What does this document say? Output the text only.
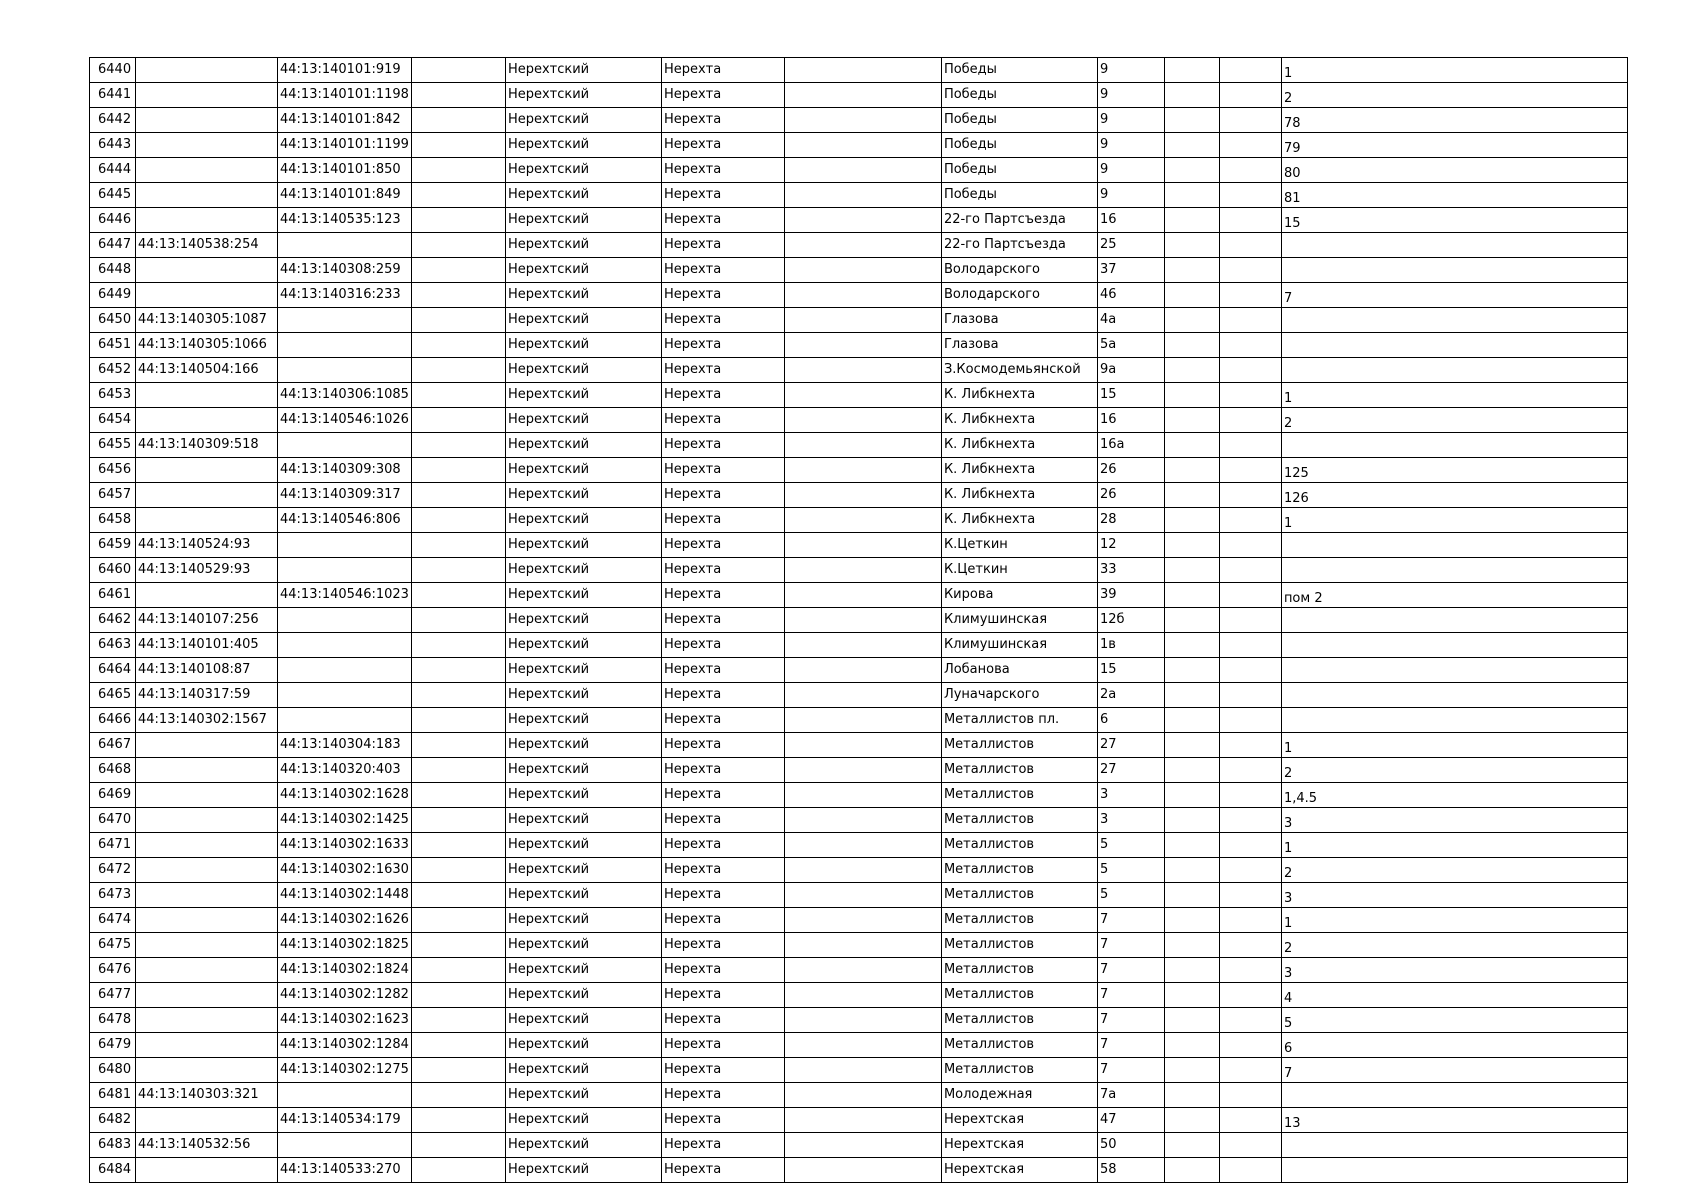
6440		44:13:140101:919		Нерехтский	Нерехта		Победы	9			1
6441		44:13:140101:1198		Нерехтский	Нерехта		Победы	9			2
6442		44:13:140101:842		Нерехтский	Нерехта		Победы	9			78
6443		44:13:140101:1199		Нерехтский	Нерехта		Победы	9			79
6444		44:13:140101:850		Нерехтский	Нерехта		Победы	9			80
6445		44:13:140101:849		Нерехтский	Нерехта		Победы	9			81
6446		44:13:140535:123		Нерехтский	Нерехта		22-го Партсъезда	16			15
6447	44:13:140538:254			Нерехтский	Нерехта		22-го Партсъезда	25			
6448		44:13:140308:259		Нерехтский	Нерехта		Володарского	37			
6449		44:13:140316:233		Нерехтский	Нерехта		Володарского	46			7
6450	44:13:140305:1087			Нерехтский	Нерехта		Глазова	4а			
6451	44:13:140305:1066			Нерехтский	Нерехта		Глазова	5а			
6452	44:13:140504:166			Нерехтский	Нерехта		З.Космодемьянской	9а			
6453		44:13:140306:1085		Нерехтский	Нерехта		К. Либкнехта	15			1
6454		44:13:140546:1026		Нерехтский	Нерехта		К. Либкнехта	16			2
6455	44:13:140309:518			Нерехтский	Нерехта		К. Либкнехта	16а			
6456		44:13:140309:308		Нерехтский	Нерехта		К. Либкнехта	26			125
6457		44:13:140309:317		Нерехтский	Нерехта		К. Либкнехта	26			126
6458		44:13:140546:806		Нерехтский	Нерехта		К. Либкнехта	28			1
6459	44:13:140524:93			Нерехтский	Нерехта		К.Цеткин	12			
6460	44:13:140529:93			Нерехтский	Нерехта		К.Цеткин	33			
6461		44:13:140546:1023		Нерехтский	Нерехта		Кирова	39			пом 2
6462	44:13:140107:256			Нерехтский	Нерехта		Климушинская	12б			
6463	44:13:140101:405			Нерехтский	Нерехта		Климушинская	1в			
6464	44:13:140108:87			Нерехтский	Нерехта		Лобанова	15			
6465	44:13:140317:59			Нерехтский	Нерехта		Луначарского	2а			
6466	44:13:140302:1567			Нерехтский	Нерехта		Металлистов пл.	6			
6467		44:13:140304:183		Нерехтский	Нерехта		Металлистов	27			1
6468		44:13:140320:403		Нерехтский	Нерехта		Металлистов	27			2
6469		44:13:140302:1628		Нерехтский	Нерехта		Металлистов	3			1,4.5
6470		44:13:140302:1425		Нерехтский	Нерехта		Металлистов	3			3
6471		44:13:140302:1633		Нерехтский	Нерехта		Металлистов	5			1
6472		44:13:140302:1630		Нерехтский	Нерехта		Металлистов	5			2
6473		44:13:140302:1448		Нерехтский	Нерехта		Металлистов	5			3
6474		44:13:140302:1626		Нерехтский	Нерехта		Металлистов	7			1
6475		44:13:140302:1825		Нерехтский	Нерехта		Металлистов	7			2
6476		44:13:140302:1824		Нерехтский	Нерехта		Металлистов	7			3
6477		44:13:140302:1282		Нерехтский	Нерехта		Металлистов	7			4
6478		44:13:140302:1623		Нерехтский	Нерехта		Металлистов	7			5
6479		44:13:140302:1284		Нерехтский	Нерехта		Металлистов	7			6
6480		44:13:140302:1275		Нерехтский	Нерехта		Металлистов	7			7
6481	44:13:140303:321			Нерехтский	Нерехта		Молодежная	7а			
6482		44:13:140534:179		Нерехтский	Нерехта		Нерехтская	47			13
6483	44:13:140532:56			Нерехтский	Нерехта		Нерехтская	50			
6484		44:13:140533:270		Нерехтский	Нерехта		Нерехтская	58			
